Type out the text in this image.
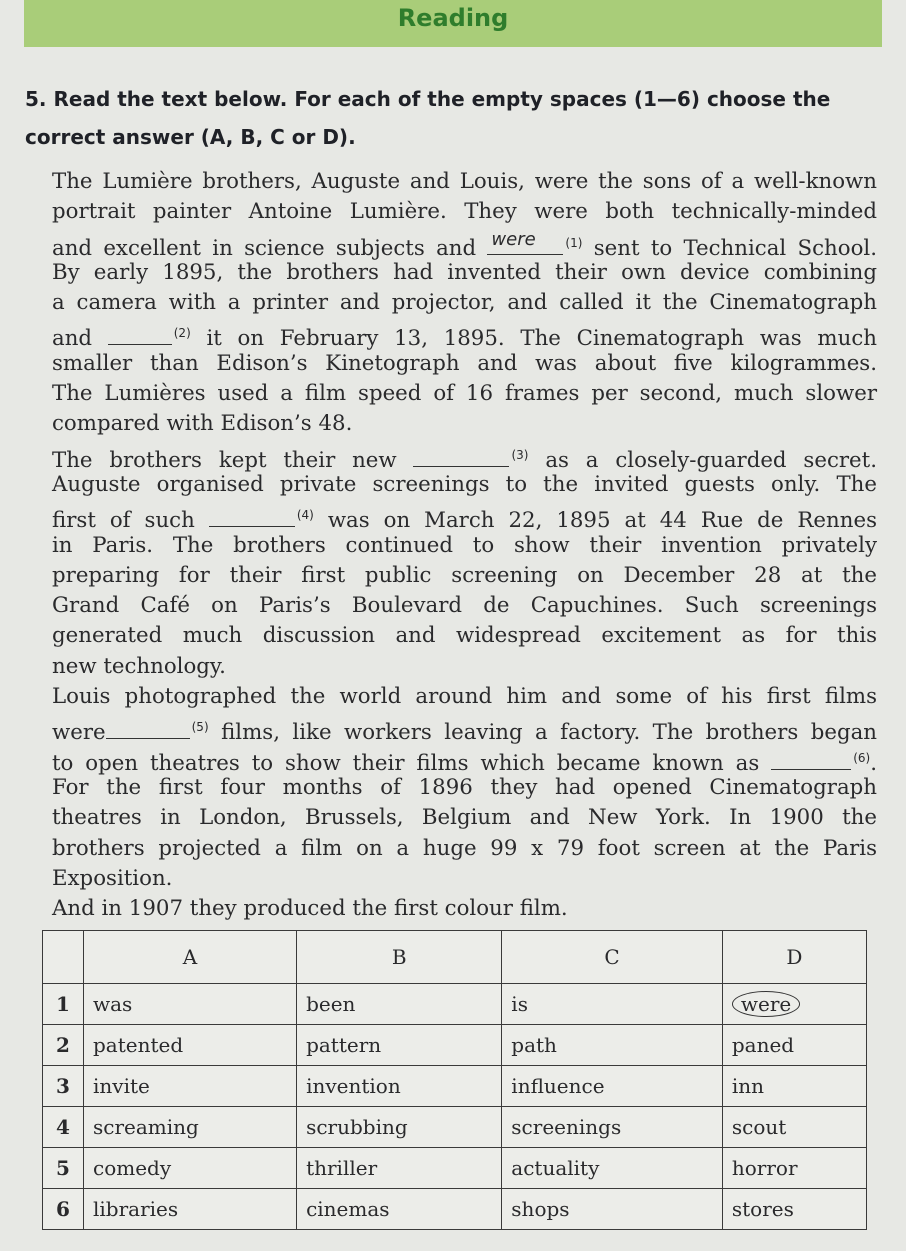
Reading
5. Read the text below. For each of the empty spaces (1—6) choose the
correct answer (A, B, C or D).
The Lumière brothers, Auguste and Louis, were the sons of a well-known
portrait painter Antoine Lumière. They were both technically-minded
and excellent in science subjects and were $^{(1)}$ sent to Technical School.
By early 1895, the brothers had invented their own device combining
a camera with a printer and projector, and called it the Cinematograph
and	$^{(2)}$ it on February 13, 1895. The Cinematograph was much
smaller than Edison’s Kinetograph and was about five kilogrammes.
The Lumières used a film speed of 16 frames per second, much slower
compared with Edison’s 48.
The brothers kept their new	$^{(3)}$ as a closely-guarded secret.
Auguste organised private screenings to the invited guests only. The
first of such	$^{(4)}$ was on March 22, 1895 at 44 Rue de Rennes
in Paris. The brothers continued to show their invention privately
preparing for their first public screening on December 28 at the
Grand Café on Paris’s Boulevard de Capuchines. Such screenings
generated much discussion and widespread excitement as for this
new technology.
Louis photographed the world around him and some of his first films
were	$^{(5)}$ films, like workers leaving a factory. The brothers began
to open theatres to show their films which became known as	$^{(6)}$.
For the first four months of 1896 they had opened Cinematograph
theatres in London, Brussels, Belgium and New York. In 1900 the
brothers projected a film on a huge 99 x 79 foot screen at the Paris
Exposition.
And in 1907 they produced the first colour film.
	A	B	C	D
1	was	been	is	were
2	patented	pattern	path	paned
3	invite	invention	influence	inn
4	screaming	scrubbing	screenings	scout
5	comedy	thriller	actuality	horror
6	libraries	cinemas	shops	stores
